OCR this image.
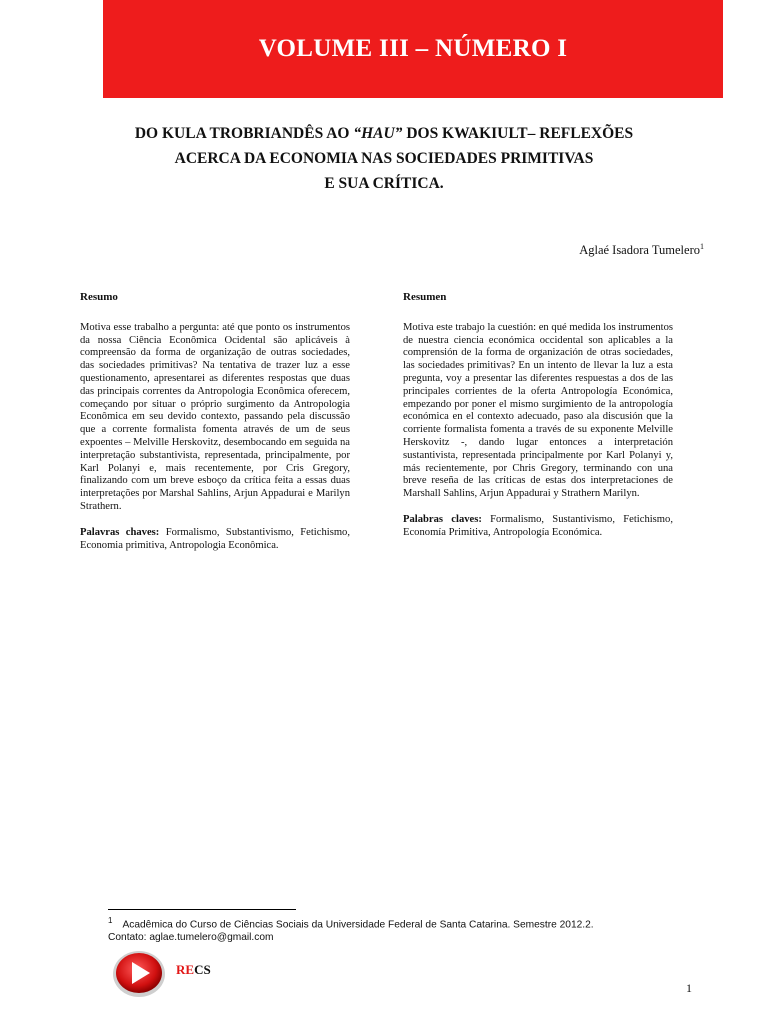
VOLUME III – NÚMERO I
DO KULA TROBRIANDÊS AO “HAU” DOS KWAKIULT– REFLEXÕES
ACERCA DA ECONOMIA NAS SOCIEDADES PRIMITIVAS
E SUA CRÍTICA.
Aglaé Isadora Tumelero$^1$
Resumo

Motiva esse trabalho a pergunta: até que ponto os instrumentos da nossa Ciência Econômica Ocidental são aplicáveis à compreensão da forma de organização de outras sociedades, das sociedades primitivas? Na tentativa de trazer luz a esse questionamento, apresentarei as diferentes respostas que duas das principais correntes da Antropologia Econômica oferecem, começando por situar o próprio surgimento da Antropologia Econômica em seu devido contexto, passando pela discussão que a corrente formalista fomenta através de um de seus expoentes – Melville Herskovitz, desembocando em seguida na interpretação substantivista, representada, principalmente, por Karl Polanyi e, mais recentemente, por Cris Gregory, finalizando com um breve esboço da crítica feita a essas duas interpretações por Marshal Sahlins, Arjun Appadurai e Marilyn Strathern.

Palavras chaves: Formalismo, Substantivismo, Fetichismo, Economia primitiva, Antropologia Econômica.

Resumen

Motiva este trabajo la cuestión: en qué medida los instrumentos de nuestra ciencia económica occidental son aplicables a la comprensión de la forma de organización de otras sociedades, las sociedades primitivas? En un intento de llevar la luz a esta pregunta, voy a presentar las diferentes respuestas a dos de las principales corrientes de la oferta Antropología Económica, empezando por poner el mismo surgimiento de la antropología económica en el contexto adecuado, paso ala discusión que la corriente formalista fomenta a través de su exponente Melville Herskovitz -, dando lugar entonces a interpretación sustantivista, representada principalmente por Karl Polanyi y, más recientemente, por Chris Gregory, terminando con una breve reseña de las críticas de estas dos interpretaciones de Marshall Sahlins, Arjun Appadurai y Strathern Marilyn.

Palabras claves: Formalismo, Sustantivismo, Fetichismo, Economía Primitiva, Antropología Económica.

$^1$ Acadêmica do Curso de Ciências Sociais da Universidade Federal de Santa Catarina. Semestre 2012.2.
Contato: aglae.tumelero@gmail.com
RECS
1
